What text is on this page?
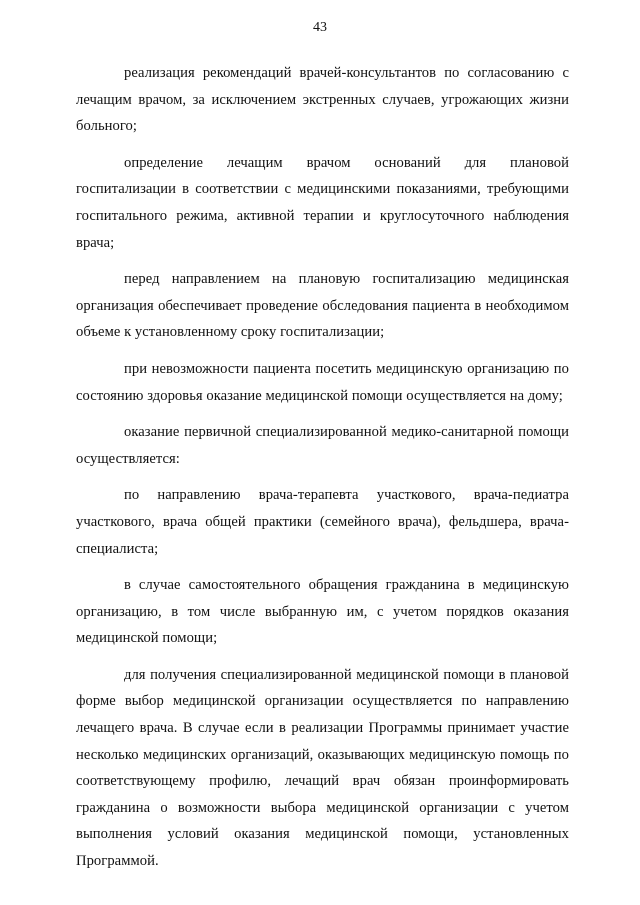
43

реализация рекомендаций врачей-консультантов по согласованию с лечащим врачом, за исключением экстренных случаев, угрожающих жизни больного;

определение лечащим врачом оснований для плановой госпитализации в соответствии с медицинскими показаниями, требующими госпитального режима, активной терапии и круглосуточного наблюдения врача;

перед направлением на плановую госпитализацию медицинская организация обеспечивает проведение обследования пациента в необходимом объеме к установленному сроку госпитализации;

при невозможности пациента посетить медицинскую организацию по состоянию здоровья оказание медицинской помощи осуществляется на дому;

оказание первичной специализированной медико-санитарной помощи осуществляется:

по направлению врача-терапевта участкового, врача-педиатра участкового, врача общей практики (семейного врача), фельдшера, врача-специалиста;

в случае самостоятельного обращения гражданина в медицинскую организацию, в том числе выбранную им, с учетом порядков оказания медицинской помощи;

для получения специализированной медицинской помощи в плановой форме выбор медицинской организации осуществляется по направлению лечащего врача. В случае если в реализации Программы принимает участие несколько медицинских организаций, оказывающих медицинскую помощь по соответствующему профилю, лечащий врач обязан проинформировать гражданина о возможности выбора медицинской организации с учетом выполнения условий оказания медицинской помощи, установленных Программой.
